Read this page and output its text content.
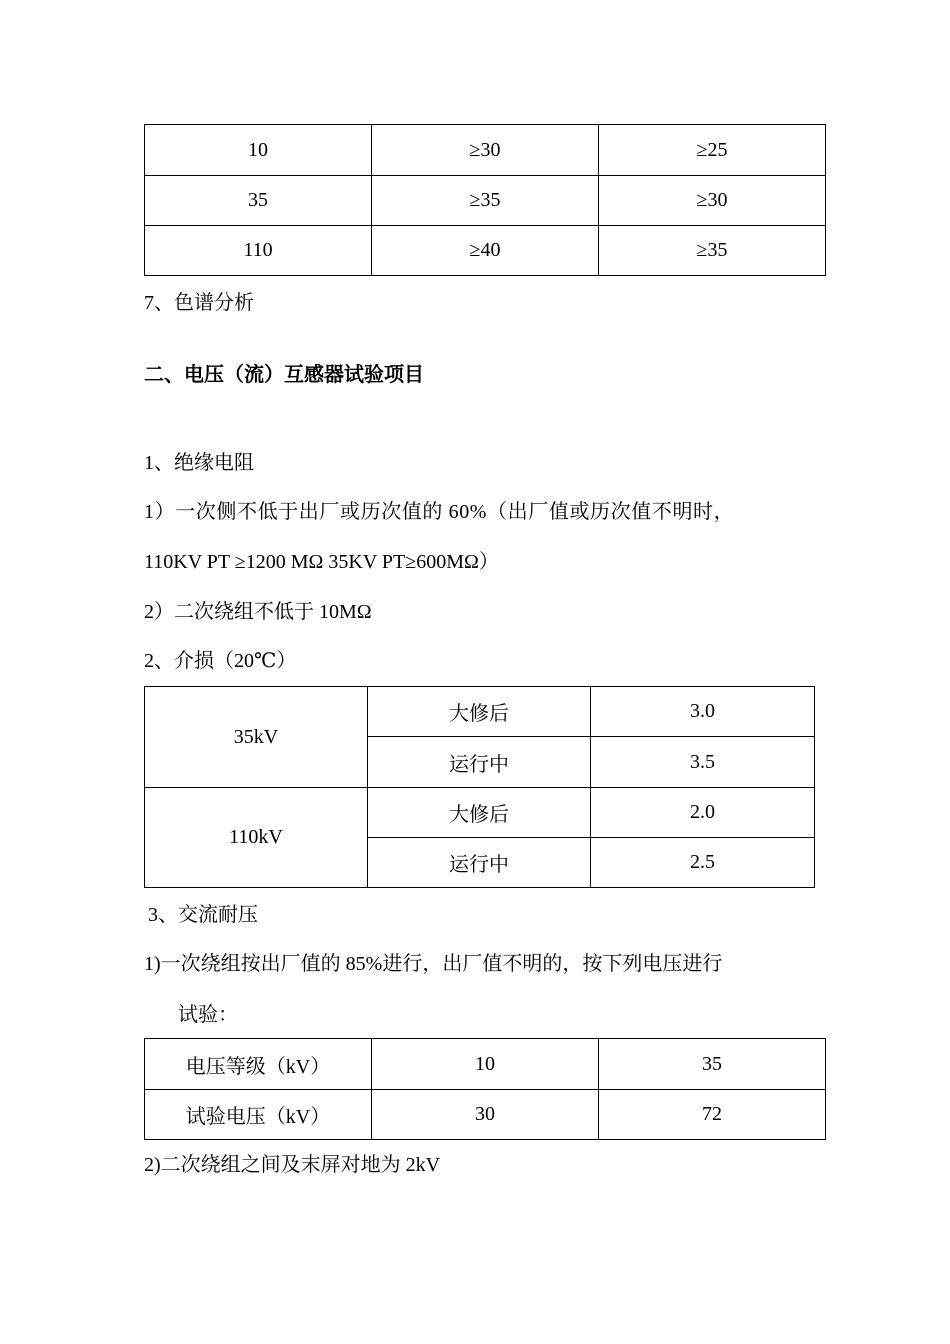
10	≥30	≥25
35	≥35	≥30
110	≥40	≥35
7、色谱分析
二、电压（流）互感器试验项目
1、绝缘电阻
1）一次侧不低于出厂或历次值的 60%（出厂值或历次值不明时，
110KV PT ≥1200 MΩ 35KV PT≥600MΩ）
2）二次绕组不低于 10MΩ
2、介损（20℃）
35kV	大修后	3.0
	运行中	3.5
110kV	大修后	2.0
	运行中	2.5
3、交流耐压
1)一次绕组按出厂值的 85%进行，出厂值不明的，按下列电压进行
试验：
电压等级（kV）	10	35
试验电压（kV）	30	72
2)二次绕组之间及末屏对地为 2kV
